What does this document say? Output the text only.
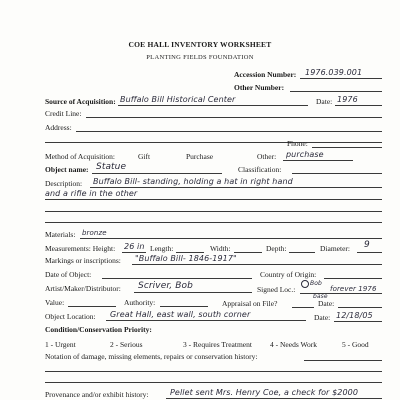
COE HALL INVENTORY WORKSHEET
PLANTING FIELDS FOUNDATION
Accession Number: 1976.039.001
Other Number:
Source of Acquisition: Buffalo Bill Historical Center	Date: 1976
Credit Line:
Address:
Phone:
Method of Acquisition:	Gift	Purchase	Other: purchase
Object name: Statue	Classification:
Description: Buffalo Bill- standing, holding a hat in right hand
and a rifle in the other
Materials: bronze
Measurements: Height: 26 in Length:	Width:	Depth:	Diameter: 9
Markings or inscriptions: "Buffalo Bill- 1846-1917"
Date of Object:	Country of Origin:
Artist/Maker/Distributor: Scriver, Bob	Signed Loc.:
Bob
forever 1976
base
Value:	Authority:	Appraisal on File?	Date:
Object Location: Great Hall, east wall, south corner	Date: 12/18/05
Condition/Conservation Priority:
1 - Urgent	2 - Serious	3 - Requires Treatment 4 - Needs Work	5 - Good
Notation of damage, missing elements, repairs or conservation history:
Provenance and/or exhibit history:	Pellet sent Mrs. Henry Coe, a check for $2000
